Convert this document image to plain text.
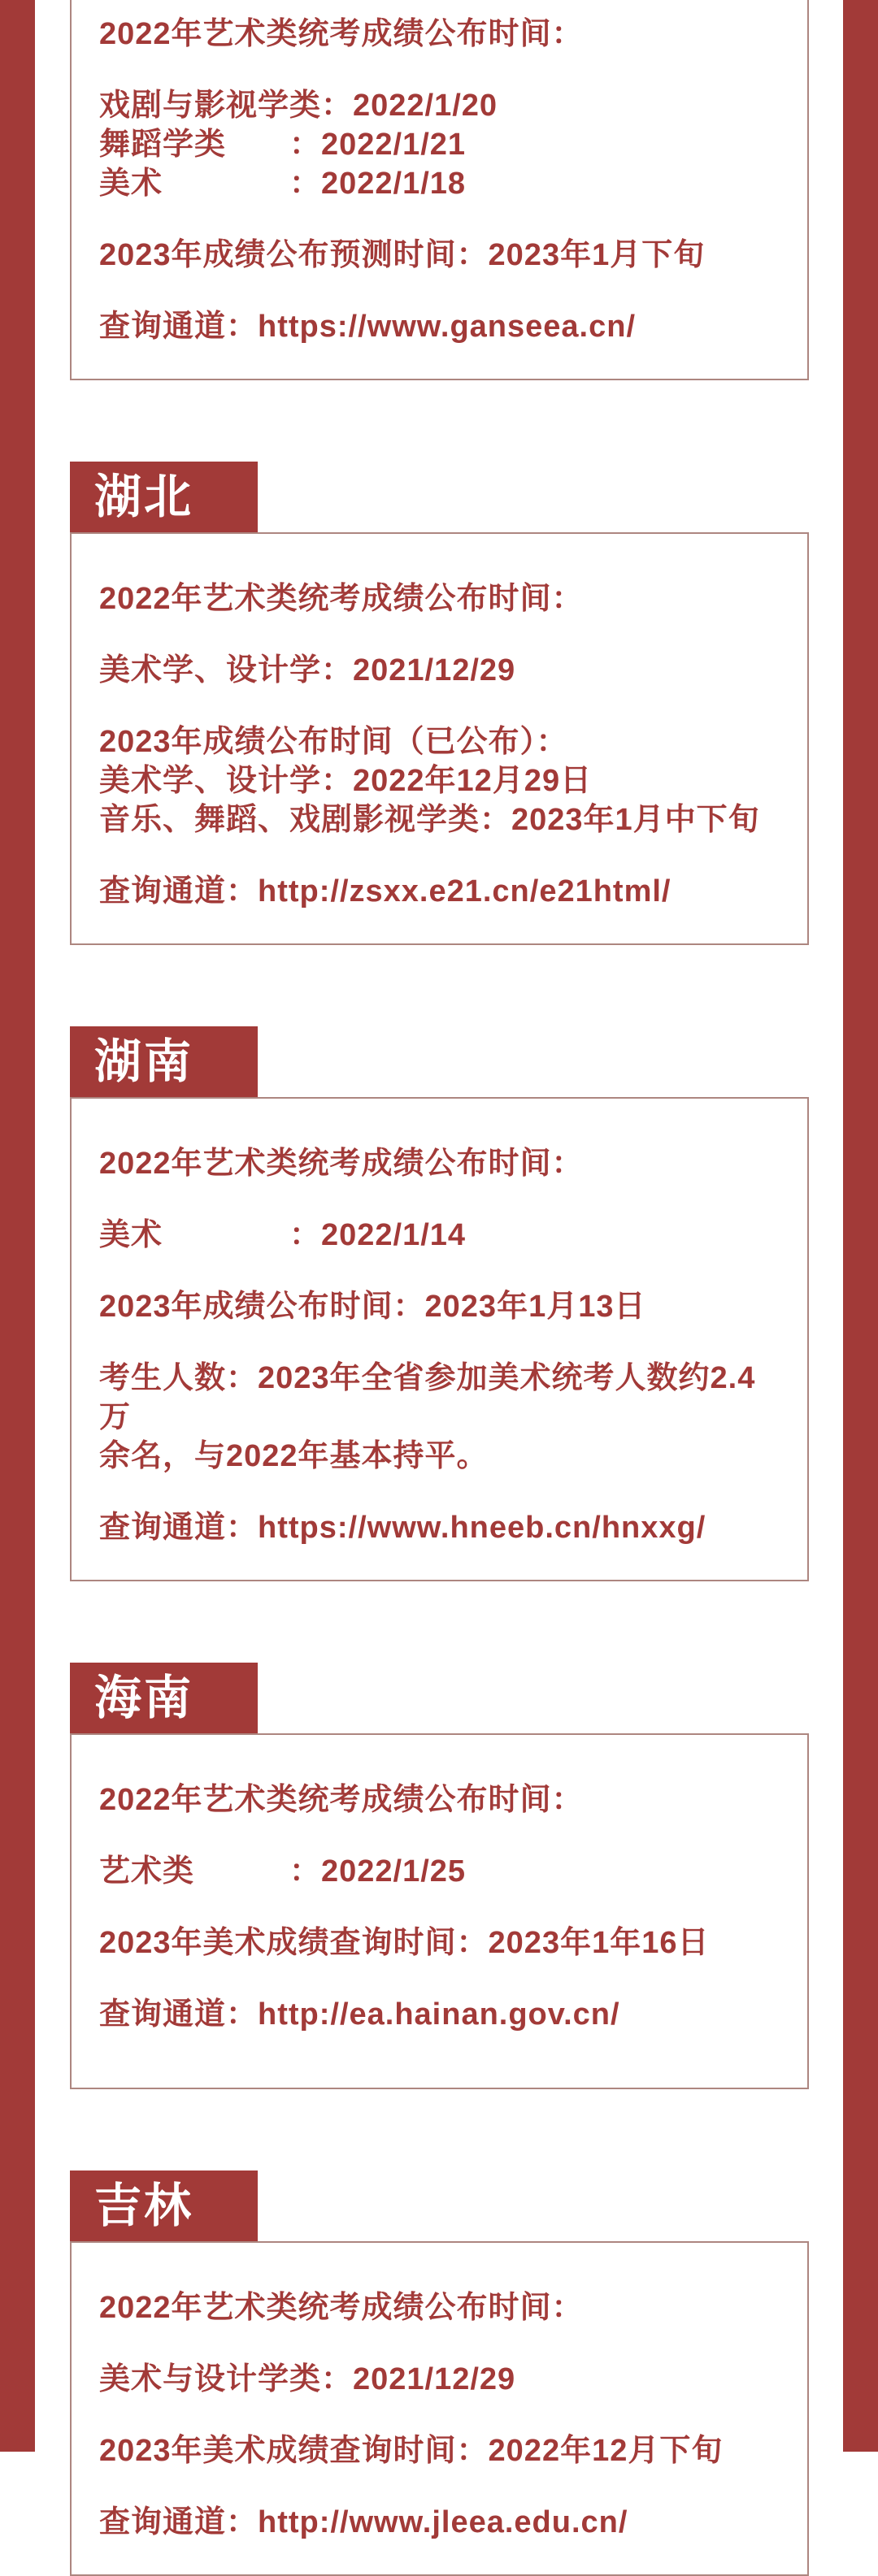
2022年艺术类统考成绩公布时间：

戏剧与影视学类：2022/1/20

舞蹈学类　　：2022/1/21

美术　　　　：2022/1/18

2023年成绩公布预测时间：2023年1月下旬

查询通道：https://www.ganseea.cn/

湖北

2022年艺术类统考成绩公布时间：

美术学、设计学：2021/12/29

2023年成绩公布时间（已公布）：

美术学、设计学：2022年12月29日

音乐、舞蹈、戏剧影视学类：2023年1月中下旬

查询通道：http://zsxx.e21.cn/e21html/

湖南

2022年艺术类统考成绩公布时间：

美术　　　　：2022/1/14

2023年成绩公布时间：2023年1月13日

考生人数：2023年全省参加美术统考人数约2.4万

余名，与2022年基本持平。

查询通道：https://www.hneeb.cn/hnxxg/

海南

2022年艺术类统考成绩公布时间：

艺术类　　　：2022/1/25

2023年美术成绩查询时间：2023年1年16日

查询通道：http://ea.hainan.gov.cn/

吉林

2022年艺术类统考成绩公布时间：

美术与设计学类：2021/12/29

2023年美术成绩查询时间：2022年12月下旬

查询通道：http://www.jleea.edu.cn/
